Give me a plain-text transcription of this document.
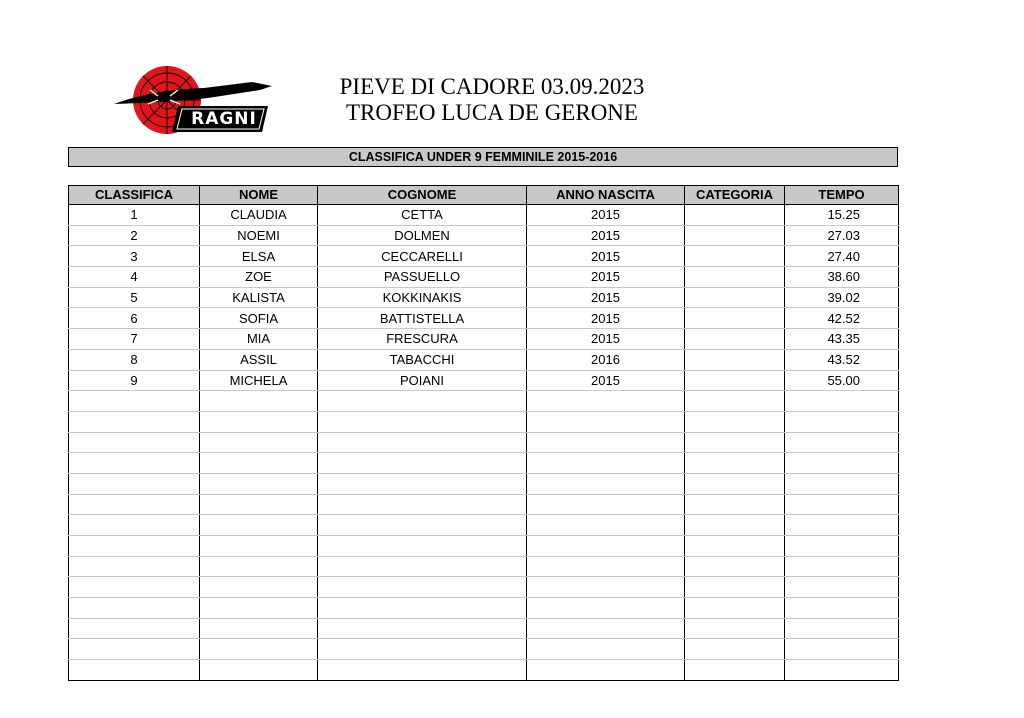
RAGNI
PIEVE DI CADORE 03.09.2023
TROFEO LUCA DE GERONE
CLASSIFICA UNDER 9 FEMMINILE 2015-2016
CLASSIFICA	NOME	COGNOME	ANNO NASCITA	CATEGORIA	TEMPO
1	CLAUDIA	CETTA	2015		15.25
2	NOEMI	DOLMEN	2015		27.03
3	ELSA	CECCARELLI	2015		27.40
4	ZOE	PASSUELLO	2015		38.60
5	KALISTA	KOKKINAKIS	2015		39.02
6	SOFIA	BATTISTELLA	2015		42.52
7	MIA	FRESCURA	2015		43.35
8	ASSIL	TABACCHI	2016		43.52
9	MICHELA	POIANI	2015		55.00
